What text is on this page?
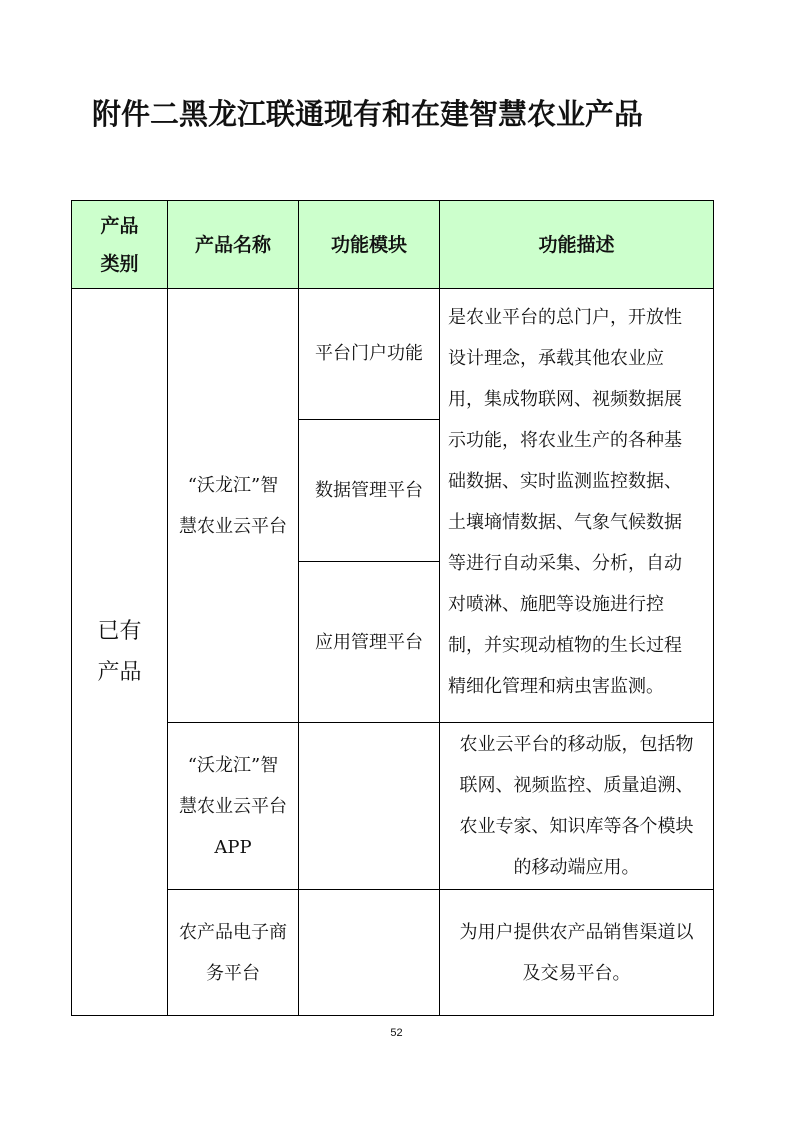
附件二黑龙江联通现有和在建智慧农业产品
产品
类别
产品名称	功能模块	功能描述
已有
产品
“沃龙江”智
慧农业云平台
平台门户功能
数据管理平台
应用管理平台
是农业平台的总门户，开放性
设计理念，承载其他农业应
用，集成物联网、视频数据展
示功能，将农业生产的各种基
础数据、实时监测监控数据、
土壤墒情数据、气象气候数据
等进行自动采集、分析，自动
对喷淋、施肥等设施进行控
制，并实现动植物的生长过程
精细化管理和病虫害监测。
“沃龙江”智
慧农业云平台
APP
农业云平台的移动版，包括物
联网、视频监控、质量追溯、
农业专家、知识库等各个模块
的移动端应用。
农产品电子商
务平台
为用户提供农产品销售渠道以
及交易平台。
52
